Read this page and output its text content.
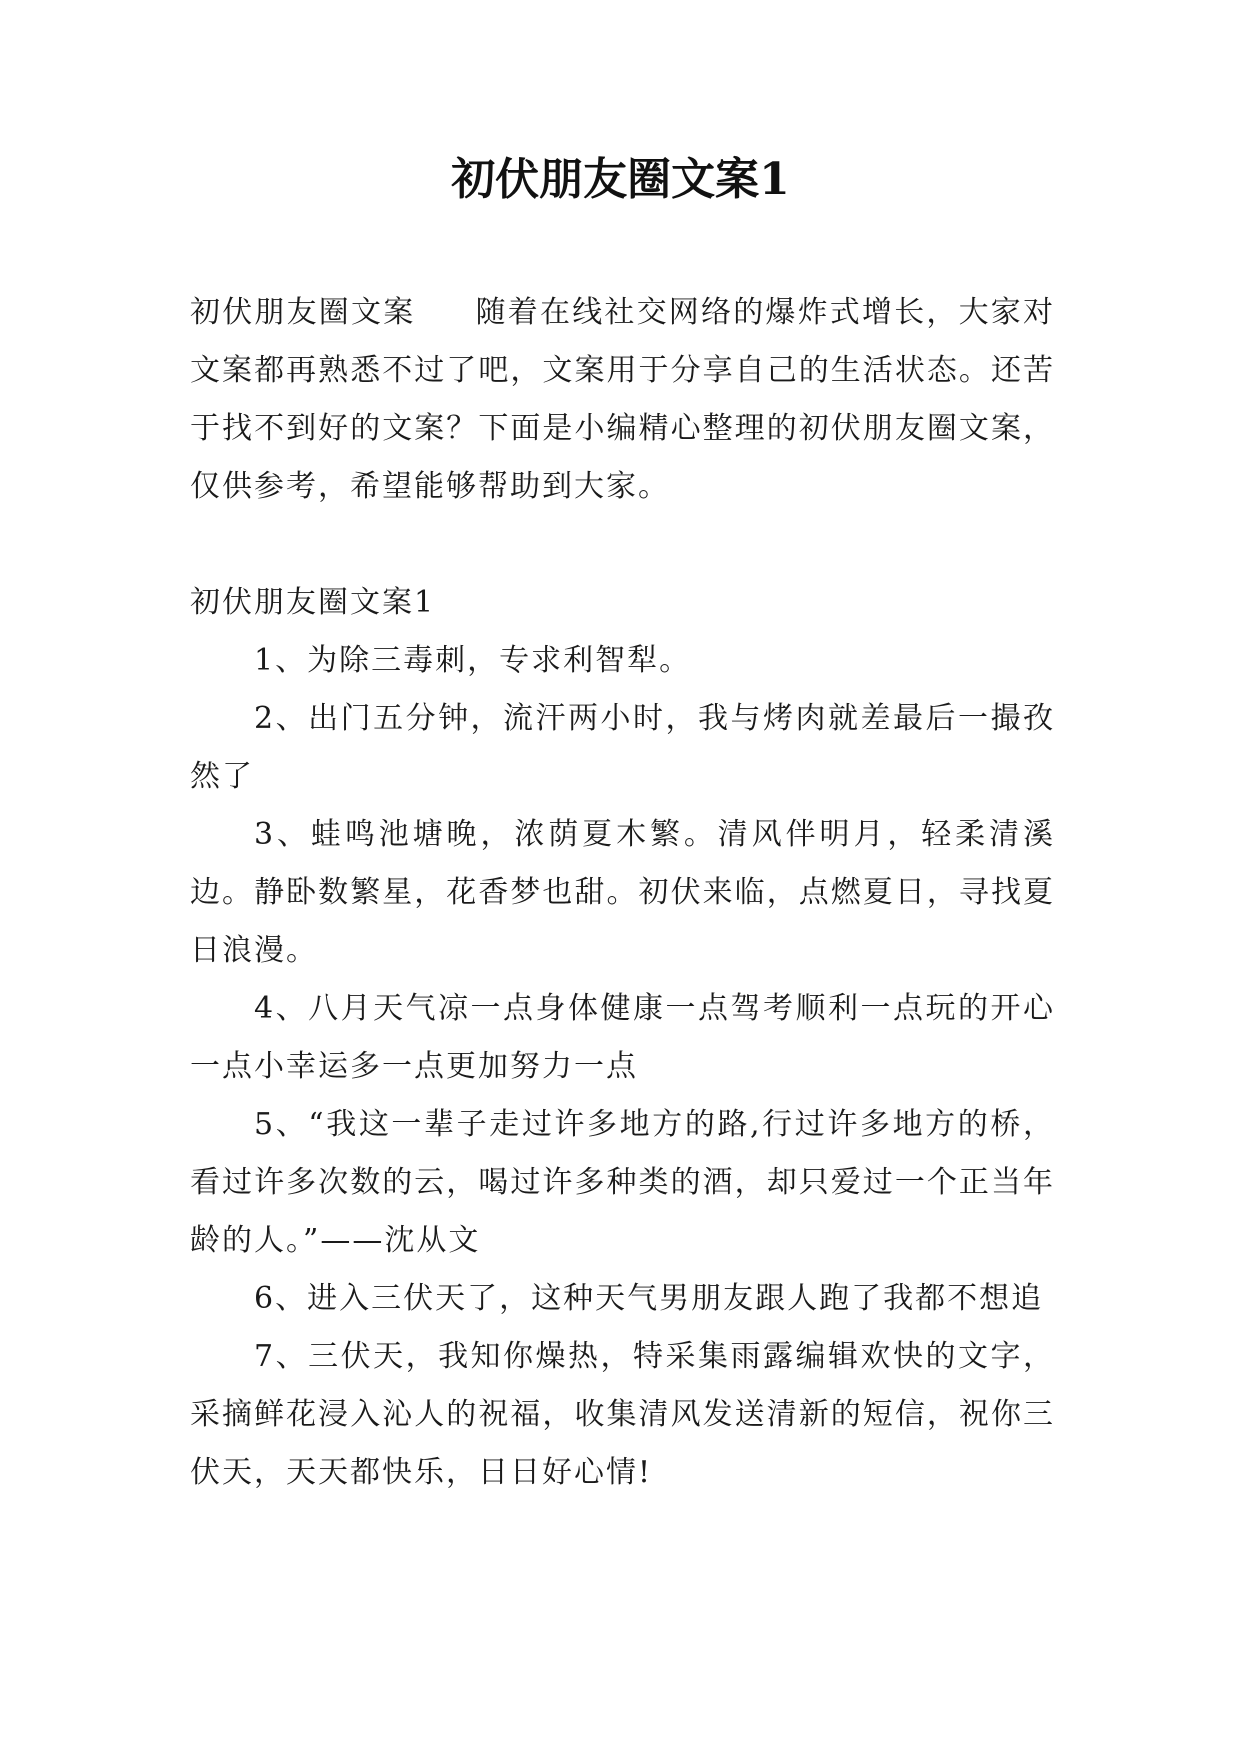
初伏朋友圈文案1

初伏朋友圈文案 随着在线社交网络的爆炸式增长，大家对文案都再熟悉不过了吧，文案用于分享自己的生活状态。还苦于找不到好的文案？下面是小编精心整理的初伏朋友圈文案，仅供参考，希望能够帮助到大家。

初伏朋友圈文案1

1、为除三毒刺，专求利智犁。

2、出门五分钟，流汗两小时，我与烤肉就差最后一撮孜然了

3、蛙鸣池塘晚，浓荫夏木繁。清风伴明月，轻柔清溪边。静卧数繁星，花香梦也甜。初伏来临，点燃夏日，寻找夏日浪漫。

4、八月天气凉一点身体健康一点驾考顺利一点玩的开心一点小幸运多一点更加努力一点

5、“我这一辈子走过许多地方的路,行过许多地方的桥，看过许多次数的云，喝过许多种类的酒，却只爱过一个正当年龄的人。”——沈从文

6、进入三伏天了，这种天气男朋友跟人跑了我都不想追

7、三伏天，我知你燥热，特采集雨露编辑欢快的文字，采摘鲜花浸入沁人的祝福，收集清风发送清新的短信，祝你三伏天，天天都快乐，日日好心情!
